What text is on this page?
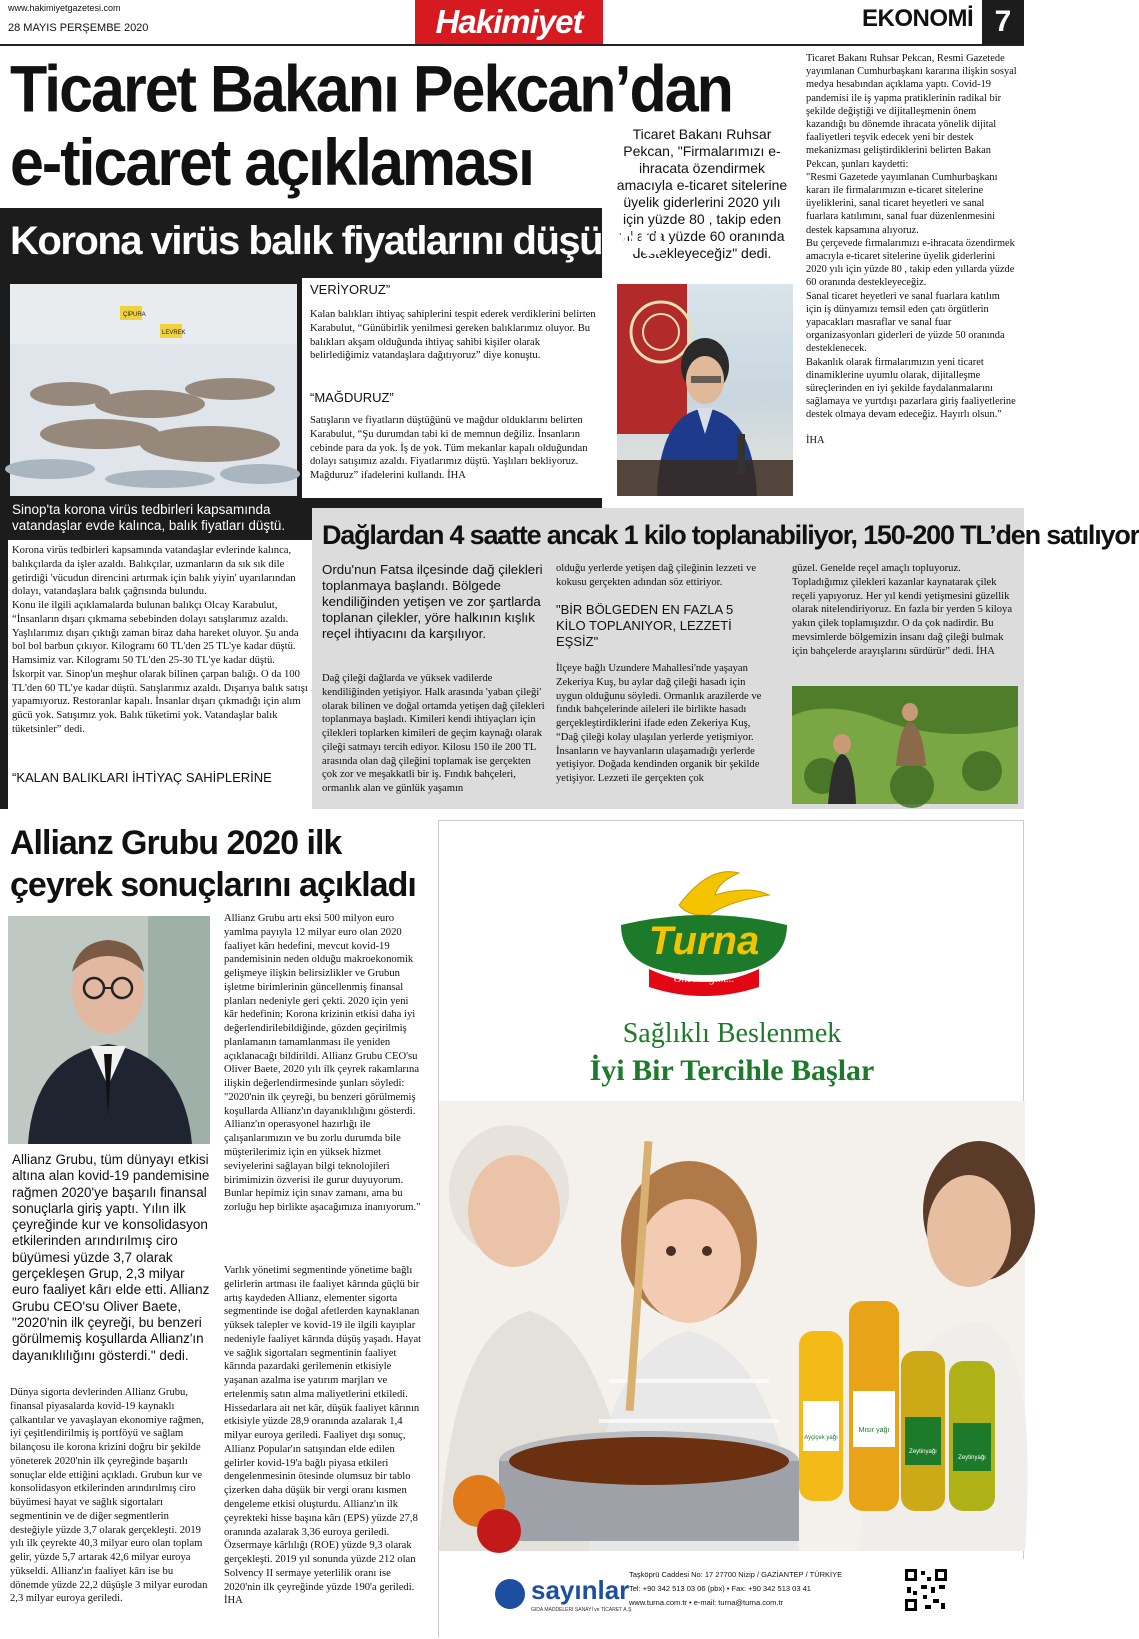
www.hakimiyetgazetesi.com
28 MAYIS PERŞEMBE 2020	Hakimiyet	EKONOMİ 7
Ticaret Bakanı Pekcan’dan
e-ticaret açıklaması	Ticaret Bakanı Ruhsar Pekcan, "Firmalarımızı e-ihracata özendirmek amacıyla e-ticaret sitelerine üyelik giderlerini 2020 yılı için yüzde 80 , takip eden yıllarda yüzde 60 oranında destekleyeceğiz" dedi.

Ticaret Bakanı Ruhsar Pekcan, Resmi Gazetede yayımlanan Cumhurbaşkanı kararına ilişkin sosyal medya hesabından açıklama yaptı. Covid-19 pandemisi ile iş yapma pratiklerinin radikal bir şekilde değiştiği ve dijitalleşmenin önem kazandığı bu dönemde ihracata yönelik dijital faaliyetleri teşvik edecek yeni bir destek mekanizması geliştirdiklerini belirten Bakan Pekcan, şunları kaydetti:

"Resmi Gazetede yayımlanan Cumhurbaşkanı kararı ile firmalarımızın e-ticaret sitelerine üyeliklerini, sanal ticaret heyetleri ve sanal fuarlara katılımını, sanal fuar düzenlenmesini destek kapsamına alıyoruz.

Bu çerçevede firmalarımızı e-ihracata özendirmek amacıyla e-ticaret sitelerine üyelik giderlerini 2020 yılı için yüzde 80 , takip eden yıllarda yüzde 60 oranında destekleyeceğiz.

Sanal ticaret heyetleri ve sanal fuarlara katılım için iş dünyamızı temsil eden çatı örgütlerin yapacakları masraflar ve sanal fuar organizasyonları giderleri de yüzde 50 oranında desteklenecek.

Bakanlık olarak firmalarımızın yeni ticaret dinamiklerine uyumlu olarak, dijitalleşme süreçlerinden en iyi şekilde faydalanmalarını sağlamaya ve yurtdışı pazarlara giriş faaliyetlerine destek olmaya devam edeceğiz. Hayırlı olsun."

İHA

Korona virüs balık fiyatlarını düşürdü
ÇİPURA
LEVREK
Sinop'ta korona virüs tedbirleri kapsamında vatandaşlar evde kalınca, balık fiyatları düştü.
VERİYORUZ”
Kalan balıkları ihtiyaç sahiplerini tespit ederek verdiklerini belirten Karabulut, “Günübirlik yenilmesi gereken balıklarımız oluyor. Bu balıkları akşam olduğunda ihtiyaç sahibi kişiler olarak belirlediğimiz vatandaşlara dağıtıyoruz” diye konuştu.
“MAĞDURUZ”
Satışların ve fiyatların düştüğünü ve mağdur olduklarını belirten Karabulut, “Şu durumdan tabi ki de memnun değiliz. İnsanların cebinde para da yok. İş de yok. Tüm mekanlar kapalı olduğundan dolayı satışımız azaldı. Fiyatlarımız düştü. Yaşlıları bekliyoruz. Mağduruz” ifadelerini kullandı. İHA

Korona virüs tedbirleri kapsamında vatandaşlar evlerinde kalınca, balıkçılarda da işler azaldı. Balıkçılar, uzmanların da sık sık dile getirdiği 'vücudun direncini artırmak için balık yiyin' uyarılarından dolayı, vatandaşlara balık çağrısında bulundu.

Konu ile ilgili açıklamalarda bulunan balıkçı Olcay Karabulut, “İnsanların dışarı çıkmama sebebinden dolayı satışlarımız azaldı. Yaşlılarımız dışarı çıktığı zaman biraz daha hareket oluyor. Şu anda bol bol barbun çıkıyor. Kilogramı 60 TL'den 25 TL'ye kadar düştü. Hamsimiz var. Kilogramı 50 TL'den 25-30 TL'ye kadar düştü. İskorpit var. Sinop'un meşhur olarak bilinen çarpan balığı. O da 100 TL'den 60 TL'ye kadar düştü. Satışlarımız azaldı. Dışarıya balık satışı yapamıyoruz. Restoranlar kapalı. İnsanlar dışarı çıkmadığı için alım gücü yok. Satışımız yok. Balık tüketimi yok. Vatandaşlar balık tüketsinler” dedi.

“KALAN BALIKLARI İHTİYAÇ SAHİPLERİNE
Dağlardan 4 saatte ancak 1 kilo toplanabiliyor, 150-200 TL’den satılıyor
Ordu'nun Fatsa ilçesinde dağ çilekleri toplanmaya başlandı. Bölgede kendiliğinden yetişen ve zor şartlarda toplanan çilekler, yöre halkının kışlık reçel ihtiyacını da karşılıyor.
Dağ çileği dağlarda ve yüksek vadilerde kendiliğinden yetişiyor. Halk arasında 'yaban çileği' olarak bilinen ve doğal ortamda yetişen dağ çilekleri toplanmaya başladı. Kimileri kendi ihtiyaçları için çilekleri toplarken kimileri de geçim kaynağı olarak çileği satmayı tercih ediyor. Kilosu 150 ile 200 TL arasında olan dağ çileğini toplamak ise gerçekten çok zor ve meşakkatli bir iş. Fındık bahçeleri, ormanlık alan ve günlük yaşamın
olduğu yerlerde yetişen dağ çileğinin lezzeti ve kokusu gerçekten adından söz ettiriyor.
"BİR BÖLGEDEN EN FAZLA 5 KİLO TOPLANIYOR, LEZZETİ EŞSİZ"
İlçeye bağlı Uzundere Mahallesi'nde yaşayan Zekeriya Kuş, bu aylar dağ çileği hasadı için uygun olduğunu söyledi. Ormanlık arazilerde ve fındık bahçelerinde aileleri ile birlikte hasadı gerçekleştirdiklerini ifade eden Zekeriya Kuş, “Dağ çileği kolay ulaşılan yerlerde yetişmiyor. İnsanların ve hayvanların ulaşamadığı yerlerde yetişiyor. Doğada kendinden organik bir şekilde yetişiyor. Lezzeti ile gerçekten çok
güzel. Genelde reçel amaçlı topluyoruz. Topladığımız çilekleri kazanlar kaynatarak çilek reçeli yapıyoruz. Her yıl kendi yetişmesini güzellik olarak nitelendiriyoruz. En fazla bir yerden 5 kiloya yakın çilek toplamışızdır. O da çok nadirdir. Bu mevsimlerde bölgemizin insanı dağ çileği bulmak için bahçelerde arayışlarını sürdürür” dedi. İHA
Allianz Grubu 2020 ilk
çeyrek sonuçlarını açıkladı
Allianz Grubu, tüm dünyayı etkisi altına alan kovid-19 pandemisine rağmen 2020'ye başarılı finansal sonuçlarla giriş yaptı. Yılın ilk çeyreğinde kur ve konsolidasyon etkilerinden arındırılmış ciro büyümesi yüzde 3,7 olarak gerçekleşen Grup, 2,3 milyar euro faaliyet kârı elde etti. Allianz Grubu CEO'su Oliver Baete, "2020'nin ilk çeyreği, bu benzeri görülmemiş koşullarda Allianz'ın dayanıklılığını gösterdi." dedi.
Dünya sigorta devlerinden Allianz Grubu, finansal piyasalarda kovid-19 kaynaklı çalkantılar ve yavaşlayan ekonomiye rağmen, iyi çeşitlendirilmiş iş portföyü ve sağlam bilançosu ile korona krizini doğru bir şekilde yöneterek 2020'nin ilk çeyreğinde başarılı sonuçlar elde ettiğini açıkladı. Grubun kur ve konsolidasyon etkilerinden arındırılmış ciro büyümesi hayat ve sağlık sigortaları segmentinin ve de diğer segmentlerin desteğiyle yüzde 3,7 olarak gerçekleşti. 2019 yılı ilk çeyrekte 40,3 milyar euro olan toplam gelir, yüzde 5,7 artarak 42,6 milyar euroya yükseldi. Allianz'ın faaliyet kârı ise bu dönemde yüzde 22,2 düşüşle 3 milyar eurodan 2,3 milyar euroya geriledi.
Allianz Grubu artı eksi 500 milyon euro yamlma payıyla 12 milyar euro olan 2020 faaliyet kârı hedefini, mevcut kovid-19 pandemisinin neden olduğu makroekonomik gelişmeye ilişkin belirsizlikler ve Grubun işletme birimlerinin güncellenmiş finansal planları nedeniyle geri çekti. 2020 için yeni kâr hedefinin; Korona krizinin etkisi daha iyi değerlendirilebildiğinde, gözden geçirilmiş planlamanın tamamlanması ile yeniden açıklanacağı bildirildi. Allianz Grubu CEO'su Oliver Baete, 2020 yılı ilk çeyrek rakamlarına ilişkin değerlendirmesinde şunları söyledi: "2020'nin ilk çeyreği, bu benzeri görülmemiş koşullarda Allianz'ın dayanıklılığını gösterdi. Allianz'ın operasyonel hazırlığı ile çalışanlarımızın ve bu zorlu durumda bile müşterilerimiz için en yüksek hizmet seviyelerini sağlayan bilgi teknolojileri birimimizin özverisi ile gurur duyuyorum. Bunlar hepimiz için sınav zamanı, ama bu zorluğu hep birlikte aşacağımıza inanıyorum."
Varlık yönetimi segmentinde yönetime bağlı gelirlerin artması ile faaliyet kârında güçlü bir artış kaydeden Allianz, elementer sigorta segmentinde ise doğal afetlerden kaynaklanan yüksek talepler ve kovid-19 ile ilgili kayıplar nedeniyle faaliyet kârında düşüş yaşadı. Hayat ve sağlık sigortaları segmentinin faaliyet kârında pazardaki gerilemenin etkisiyle yaşanan azalma ise yatırım marjları ve ertelenmiş satın alma maliyetlerini etkiledi. Hissedarlara ait net kâr, düşük faaliyet kârının etkisiyle yüzde 28,9 oranında azalarak 1,4 milyar euroya geriledi. Faaliyet dışı sonuç, Allianz Popular'ın satışından elde edilen gelirler kovid-19'a bağlı piyasa etkileri dengelenmesinin ötesinde olumsuz bir tablo çizerken daha düşük bir vergi oranı kısmen dengeleme etkisi oluşturdu. Allianz'ın ilk çeyrekteki hisse başına kârı (EPS) yüzde 27,8 oranında azalarak 3,36 euroya geriledi. Özsermaye kârlılığı (ROE) yüzde 9,3 olarak gerçekleşti. 2019 yıl sonunda yüzde 212 olan Solvency II sermaye yeterlilik oranı ise 2020'nin ilk çeyreğinde yüzde 190'a geriledi. İHA
Turna
Önce sağlık...
Sağlıklı Beslenmek
İyi Bir Tercihle Başlar
Ayçiçek yağı
Mısır yağı
Zeytinyağı
Zeytinyağı
sayınlar
GIDA MADDELERİ SANAYİ ve TİCARET A.Ş.
Taşköprü Caddesi No: 17 27700 Nizip / GAZİANTEP / TÜRKİYE
Tel: +90 342 513 03 06 (pbx) • Fax: +90 342 513 03 41
www.turna.com.tr • e-mail: turna@turna.com.tr
